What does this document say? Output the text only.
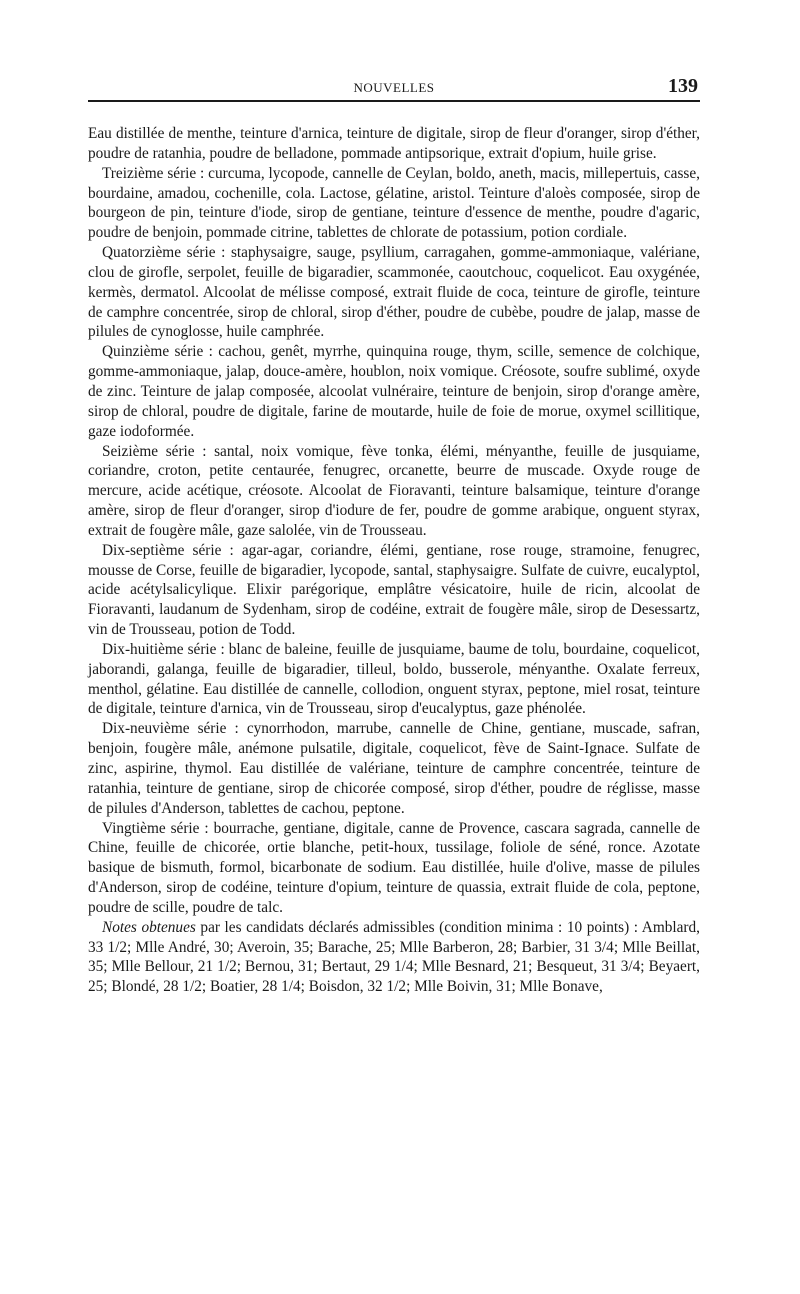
NOUVELLES	139

Eau distillée de menthe, teinture d'arnica, teinture de digitale, sirop de fleur d'oranger, sirop d'éther, poudre de ratanhia, poudre de belladone, pommade antipsorique, extrait d'opium, huile grise.

Treizième série : curcuma, lycopode, cannelle de Ceylan, boldo, aneth, macis, millepertuis, casse, bourdaine, amadou, cochenille, cola. Lactose, gélatine, aristol. Teinture d'aloès composée, sirop de bourgeon de pin, teinture d'iode, sirop de gentiane, teinture d'essence de menthe, poudre d'agaric, poudre de benjoin, pommade citrine, tablettes de chlorate de potassium, potion cordiale.

Quatorzième série : staphysaigre, sauge, psyllium, carragahen, gomme-ammoniaque, valériane, clou de girofle, serpolet, feuille de bigaradier, scammonée, caoutchouc, coquelicot. Eau oxygénée, kermès, dermatol. Alcoolat de mélisse composé, extrait fluide de coca, teinture de girofle, teinture de camphre concentrée, sirop de chloral, sirop d'éther, poudre de cubèbe, poudre de jalap, masse de pilules de cynoglosse, huile camphrée.

Quinzième série : cachou, genêt, myrrhe, quinquina rouge, thym, scille, semence de colchique, gomme-ammoniaque, jalap, douce-amère, houblon, noix vomique. Créosote, soufre sublimé, oxyde de zinc. Teinture de jalap composée, alcoolat vulnéraire, teinture de benjoin, sirop d'orange amère, sirop de chloral, poudre de digitale, farine de moutarde, huile de foie de morue, oxymel scillitique, gaze iodoformée.

Seizième série : santal, noix vomique, fève tonka, élémi, ményanthe, feuille de jusquiame, coriandre, croton, petite centaurée, fenugrec, orcanette, beurre de muscade. Oxyde rouge de mercure, acide acétique, créosote. Alcoolat de Fioravanti, teinture balsamique, teinture d'orange amère, sirop de fleur d'oranger, sirop d'iodure de fer, poudre de gomme arabique, onguent styrax, extrait de fougère mâle, gaze salolée, vin de Trousseau.

Dix-septième série : agar-agar, coriandre, élémi, gentiane, rose rouge, stramoine, fenugrec, mousse de Corse, feuille de bigaradier, lycopode, santal, staphysaigre. Sulfate de cuivre, eucalyptol, acide acétylsalicylique. Elixir parégorique, emplâtre vésicatoire, huile de ricin, alcoolat de Fioravanti, laudanum de Sydenham, sirop de codéine, extrait de fougère mâle, sirop de Desessartz, vin de Trousseau, potion de Todd.

Dix-huitième série : blanc de baleine, feuille de jusquiame, baume de tolu, bourdaine, coquelicot, jaborandi, galanga, feuille de bigaradier, tilleul, boldo, busserole, ményanthe. Oxalate ferreux, menthol, gélatine. Eau distillée de cannelle, collodion, onguent styrax, peptone, miel rosat, teinture de digitale, teinture d'arnica, vin de Trousseau, sirop d'eucalyptus, gaze phénolée.

Dix-neuvième série : cynorrhodon, marrube, cannelle de Chine, gentiane, muscade, safran, benjoin, fougère mâle, anémone pulsatile, digitale, coquelicot, fève de Saint-Ignace. Sulfate de zinc, aspirine, thymol. Eau distillée de valériane, teinture de camphre concentrée, teinture de ratanhia, teinture de gentiane, sirop de chicorée composé, sirop d'éther, poudre de réglisse, masse de pilules d'Anderson, tablettes de cachou, peptone.

Vingtième série : bourrache, gentiane, digitale, canne de Provence, cascara sagrada, cannelle de Chine, feuille de chicorée, ortie blanche, petit-houx, tussilage, foliole de séné, ronce. Azotate basique de bismuth, formol, bicarbonate de sodium. Eau distillée, huile d'olive, masse de pilules d'Anderson, sirop de codéine, teinture d'opium, teinture de quassia, extrait fluide de cola, peptone, poudre de scille, poudre de talc.

Notes obtenues par les candidats déclarés admissibles (condition minima : 10 points) : Amblard, 33 1/2; Mlle André, 30; Averoin, 35; Barache, 25; Mlle Barberon, 28; Barbier, 31 3/4; Mlle Beillat, 35; Mlle Bellour, 21 1/2; Bernou, 31; Bertaut, 29 1/4; Mlle Besnard, 21; Besqueut, 31 3/4; Beyaert, 25; Blondé, 28 1/2; Boatier, 28 1/4; Boisdon, 32 1/2; Mlle Boivin, 31; Mlle Bonave,
